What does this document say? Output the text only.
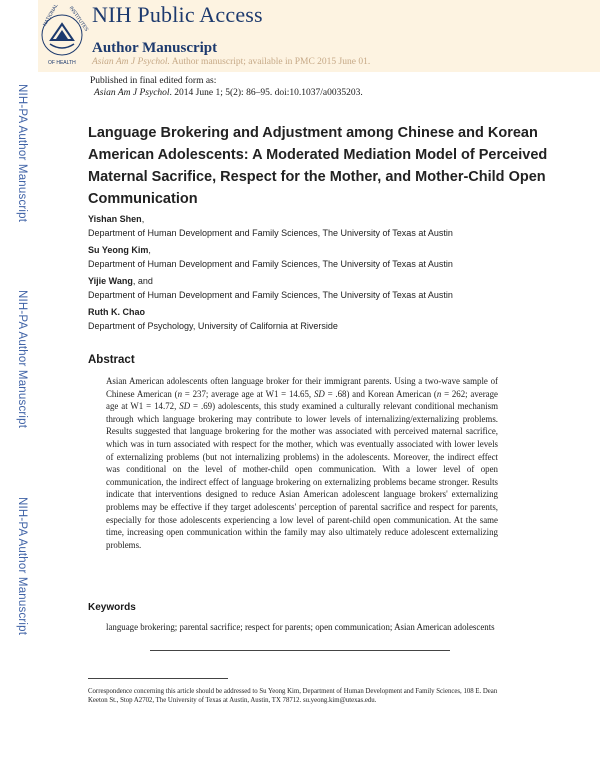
NATIONAL INSTITUTES
OF HEALTH
NIH Public Access
Author Manuscript
Asian Am J Psychol. Author manuscript; available in PMC 2015 June 01.
NIH-PA Author Manuscript
NIH-PA Author Manuscript
NIH-PA Author Manuscript
Published in final edited form as:
Asian Am J Psychol. 2014 June 1; 5(2): 86–95. doi:10.1037/a0035203.
Language Brokering and Adjustment among Chinese and Korean American Adolescents: A Moderated Mediation Model of Perceived Maternal Sacrifice, Respect for the Mother, and Mother-Child Open Communication
Yishan Shen,
Department of Human Development and Family Sciences, The University of Texas at Austin
Su Yeong Kim,
Department of Human Development and Family Sciences, The University of Texas at Austin
Yijie Wang, and
Department of Human Development and Family Sciences, The University of Texas at Austin
Ruth K. Chao
Department of Psychology, University of California at Riverside
Abstract
Asian American adolescents often language broker for their immigrant parents. Using a two-wave sample of Chinese American (n = 237; average age at W1 = 14.65, SD = .68) and Korean American (n = 262; average age at W1 = 14.72, SD = .69) adolescents, this study examined a culturally relevant conditional mechanism through which language brokering may contribute to lower levels of internalizing/externalizing problems. Results suggested that language brokering for the mother was associated with perceived maternal sacrifice, which was in turn associated with respect for the mother, which was eventually associated with lower levels of externalizing problems (but not internalizing problems) in the adolescents. Moreover, the indirect effect was conditional on the level of mother-child open communication. With a lower level of open communication, the indirect effect of language brokering on externalizing problems became stronger. Results indicate that interventions designed to reduce Asian American adolescent language brokers' externalizing problems may be effective if they target adolescents' perception of parental sacrifice and respect for parents, especially for those adolescents experiencing a low level of parent-child open communication. At the same time, increasing open communication within the family may also ultimately reduce adolescent externalizing problems.
Keywords
language brokering; parental sacrifice; respect for parents; open communication; Asian American adolescents
Correspondence concerning this article should be addressed to Su Yeong Kim, Department of Human Development and Family Sciences, 108 E. Dean Keeton St., Stop A2702, The University of Texas at Austin, Austin, TX 78712. su.yeong.kim@utexas.edu.
